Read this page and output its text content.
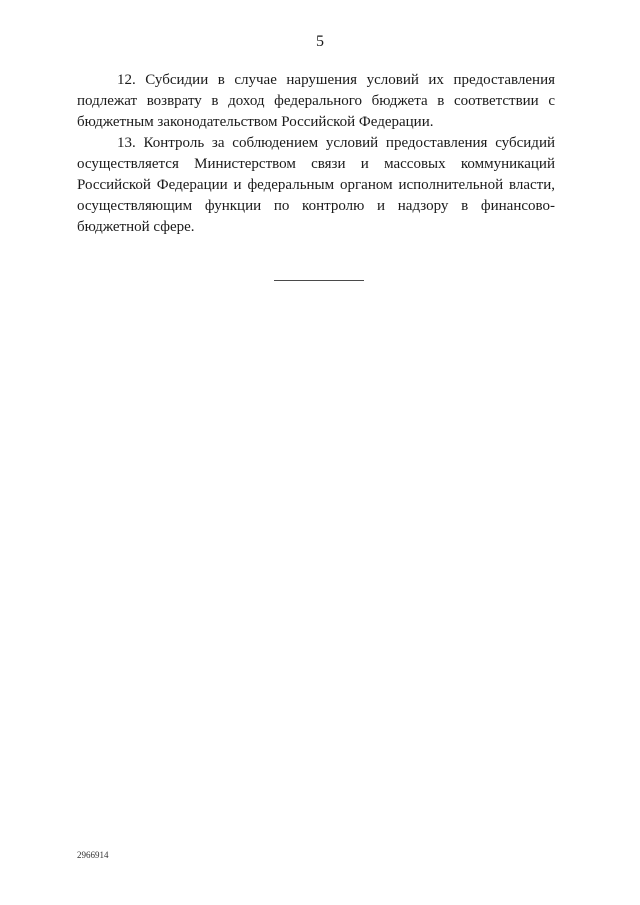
5

12. Субсидии в случае нарушения условий их предоставления подлежат возврату в доход федерального бюджета в соответствии с бюджетным законодательством Российской Федерации.

13. Контроль за соблюдением условий предоставления субсидий осуществляется Министерством связи и массовых коммуникаций Российской Федерации и федеральным органом исполнительной власти, осуществляющим функции по контролю и надзору в финансово-бюджетной сфере.

2966914
